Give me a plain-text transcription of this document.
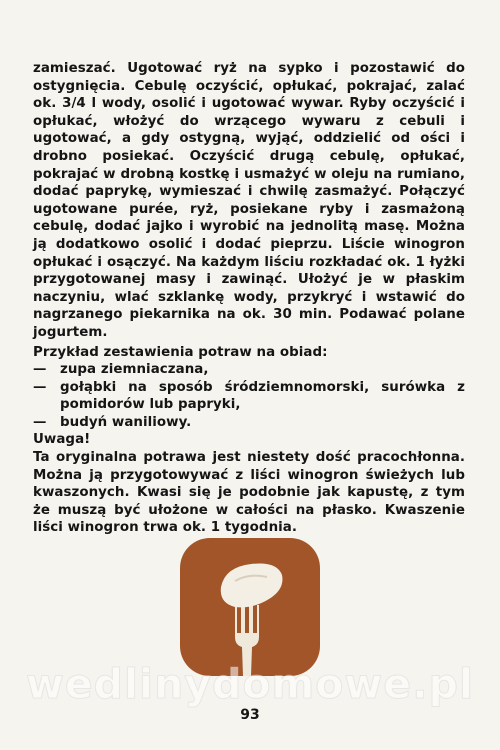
zamieszać. Ugotować ryż na sypko i pozostawić do ostygnięcia. Cebulę oczyścić, opłukać, pokrajać, zalać ok. 3/4 l wody, osolić i ugotować wywar. Ryby oczyścić i opłukać, włożyć do wrzącego wywaru z cebuli i ugotować, a gdy ostygną, wyjąć, oddzielić od ości i drobno posiekać. Oczyścić drugą cebulę, opłukać, pokrajać w drobną kostkę i usmażyć w oleju na rumiano, dodać paprykę, wymieszać i chwilę zasmażyć. Połączyć ugotowane purée, ryż, posiekane ryby i zasmażoną cebulę, dodać jajko i wyrobić na jednolitą masę. Można ją dodatkowo osolić i dodać pieprzu. Liście winogron opłukać i osączyć. Na każdym liściu rozkładać ok. 1 łyżki przygotowanej masy i zawinąć. Ułożyć je w płaskim naczyniu, wlać szklankę wody, przykryć i wstawić do nagrzanego piekarnika na ok. 30 min. Podawać polane jogurtem.

Przykład zestawienia potraw na obiad:

—	zupa ziemniaczana,
—	gołąbki na sposób śródziemnomorski, surówka z pomidorów lub papryki,
—	budyń waniliowy.

Uwaga!

Ta oryginalna potrawa jest niestety dość pracochłonna. Można ją przygotowywać z liści winogron świeżych lub kwaszonych. Kwasi się je podobnie jak kapustę, z tym że muszą być ułożone w całości na płasko. Kwaszenie liści winogron trwa ok. 1 tygodnia.

wedlinydomowe.pl
93
